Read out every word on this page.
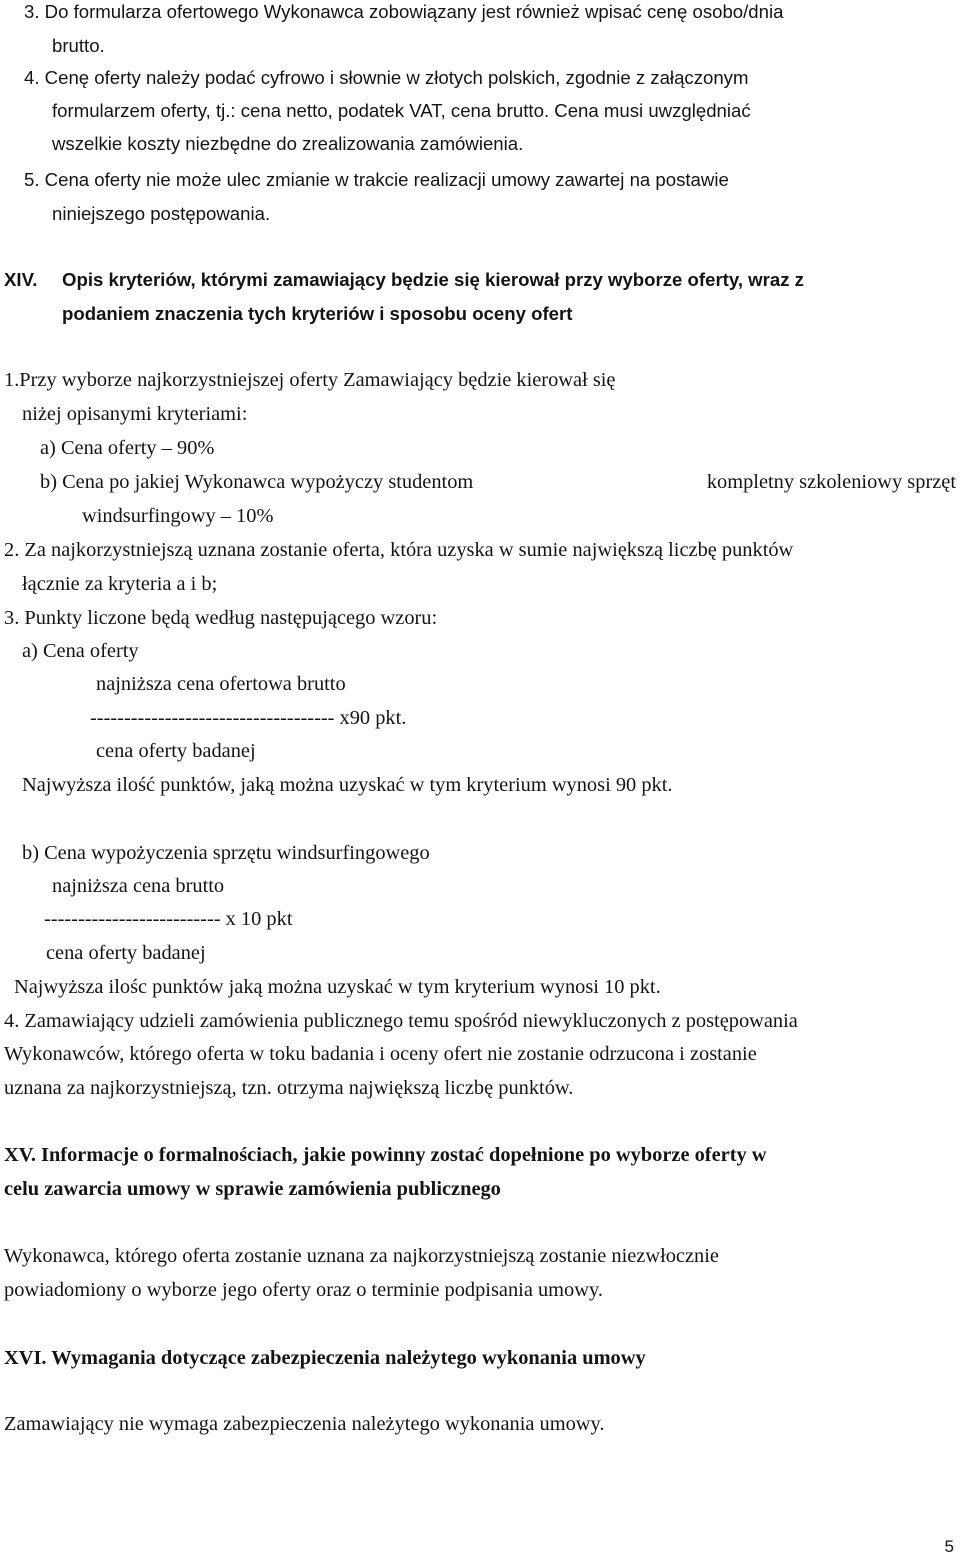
3. Do formularza ofertowego Wykonawca zobowiązany jest również wpisać cenę osobo/dnia
brutto.
4. Cenę oferty należy podać cyfrowo i słownie w złotych polskich, zgodnie z załączonym
formularzem oferty, tj.: cena netto, podatek VAT, cena brutto. Cena musi uwzględniać
wszelkie koszty niezbędne do zrealizowania zamówienia.
5. Cena oferty nie może ulec zmianie w trakcie realizacji umowy zawartej na postawie
niniejszego postępowania.
XIV. Opis kryteriów, którymi zamawiający będzie się kierował przy wyborze oferty, wraz z
podaniem znaczenia tych kryteriów i sposobu oceny ofert
1.Przy wyborze najkorzystniejszej oferty Zamawiający będzie kierował się
niżej opisanymi kryteriami:
a) Cena oferty – 90%
b) Cena po jakiej Wykonawca wypożyczy studentom	kompletny szkoleniowy sprzęt
windsurfingowy – 10%
2. Za najkorzystniejszą uznana zostanie oferta, która uzyska w sumie największą liczbę punktów
łącznie za kryteria a i b;
3. Punkty liczone będą według następującego wzoru:
a) Cena oferty
najniższa cena ofertowa brutto
------------------------------------ x90 pkt.
cena oferty badanej
Najwyższa ilość punktów, jaką można uzyskać w tym kryterium wynosi 90 pkt.
b) Cena wypożyczenia sprzętu windsurfingowego
najniższa cena brutto
-------------------------- x 10 pkt
cena oferty badanej
Najwyższa ilośc punktów jaką można uzyskać w tym kryterium wynosi 10 pkt.
4. Zamawiający udzieli zamówienia publicznego temu spośród niewykluczonych z postępowania
Wykonawców, którego oferta w toku badania i oceny ofert nie zostanie odrzucona i zostanie
uznana za najkorzystniejszą, tzn. otrzyma największą liczbę punktów.
XV. Informacje o formalnościach, jakie powinny zostać dopełnione po wyborze oferty w
celu zawarcia umowy w sprawie zamówienia publicznego
Wykonawca, którego oferta zostanie uznana za najkorzystniejszą zostanie niezwłocznie
powiadomiony o wyborze jego oferty oraz o terminie podpisania umowy.
XVI. Wymagania dotyczące zabezpieczenia należytego wykonania umowy
Zamawiający nie wymaga zabezpieczenia należytego wykonania umowy.
5
